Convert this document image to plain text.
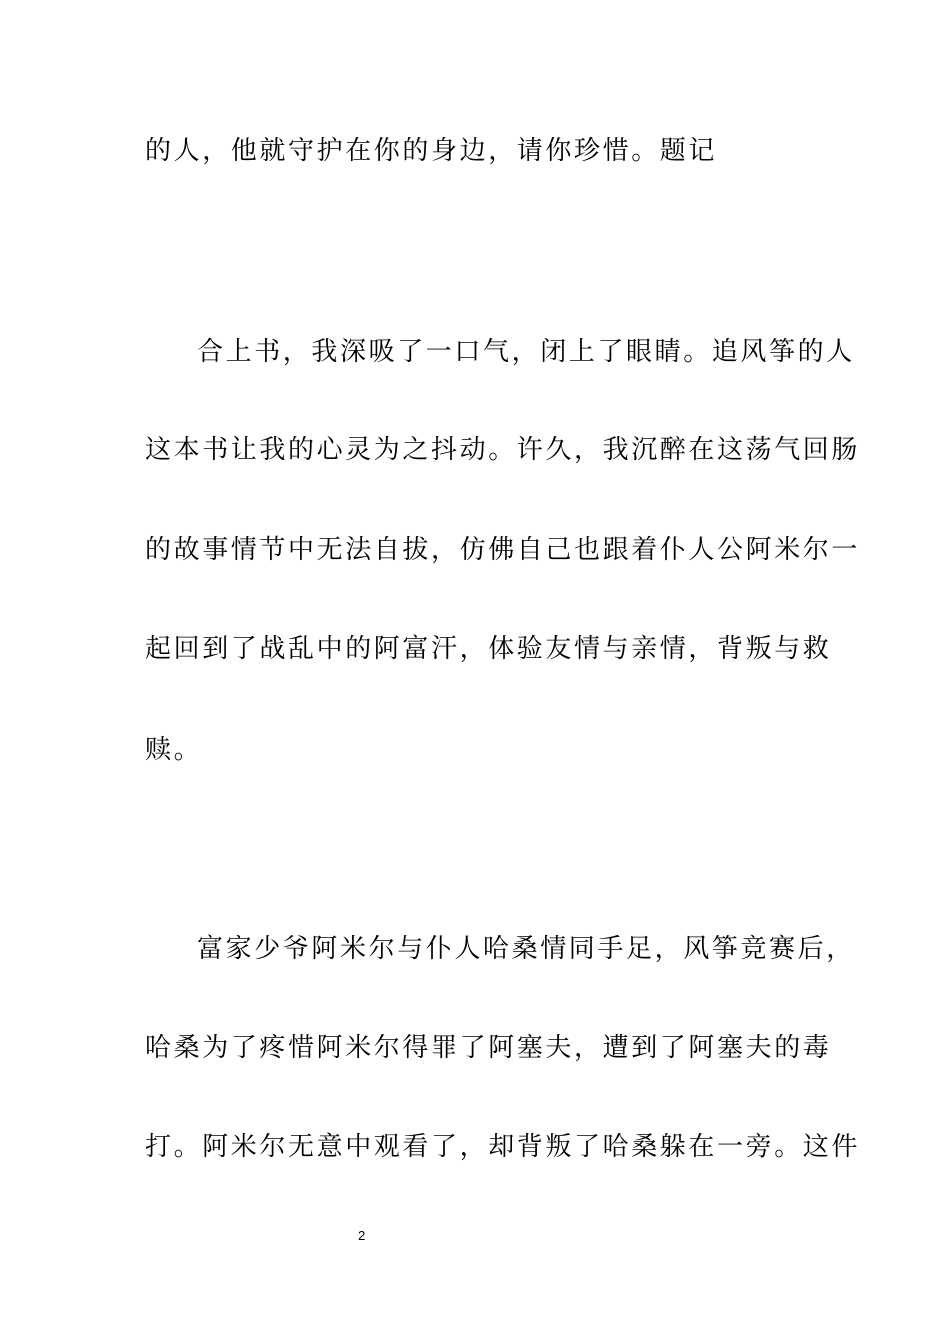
的人，他就守护在你的身边，请你珍惜。题记
合上书，我深吸了一口气，闭上了眼睛。追风筝的人
这本书让我的心灵为之抖动。许久，我沉醉在这荡气回肠
的故事情节中无法自拔，仿佛自己也跟着仆人公阿米尔一
起回到了战乱中的阿富汗，体验友情与亲情，背叛与救
赎。
富家少爷阿米尔与仆人哈桑情同手足，风筝竞赛后，
哈桑为了疼惜阿米尔得罪了阿塞夫，遭到了阿塞夫的毒
打。阿米尔无意中观看了，却背叛了哈桑躲在一旁。这件
2
